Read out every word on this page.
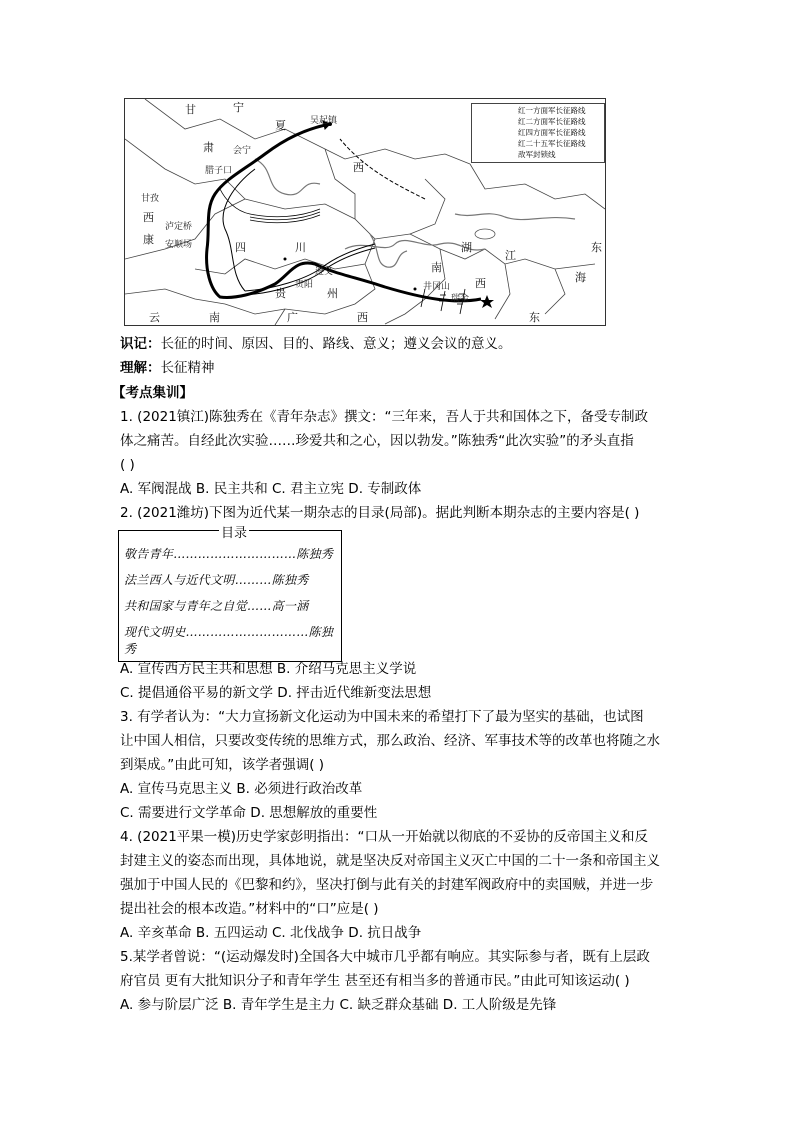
红一方面军长征路线
红二方面军长征路线
红四方面军长征路线
红二十五军长征路线
敌军封锁线
甘	宁
夏
肃 会宁
吴起镇
腊子口
甘孜
西
康
泸定桥
安顺场	四	川
西
湖
江
南
西
东
海
贵	州
遵义
贵阳
广	西
云	南
井冈山
瑞金
东
识记：长征的时间、原因、目的、路线、意义；遵义会议的意义。
理解：长征精神
【考点集训】
1. (2021镇江)陈独秀在《青年杂志》撰文：“三年来，吾人于共和国体之下，备受专制政
体之痛苦。自经此次实验……珍爱共和之心，因以勃发。”陈独秀“此次实验”的矛头直指
( )
A. 军阀混战 B. 民主共和 C. 君主立宪 D. 专制政体
2. (2021潍坊)下图为近代某一期杂志的目录(局部)。据此判断本期杂志的主要内容是( )
目录
敬告青年…………………………陈独秀
法兰西人与近代文明………陈独秀
共和国家与青年之自觉……高一涵
现代文明史…………………………陈独秀
A. 宣传西方民主共和思想 B. 介绍马克思主义学说
C. 提倡通俗平易的新文学 D. 抨击近代维新变法思想
3. 有学者认为：“大力宣扬新文化运动为中国未来的希望打下了最为坚实的基础，也试图
让中国人相信，只要改变传统的思维方式，那么政治、经济、军事技术等的改革也将随之水
到渠成。”由此可知，该学者强调( )
A. 宣传马克思主义 B. 必须进行政治改革
C. 需要进行文学革命 D. 思想解放的重要性
4. (2021平果一模)历史学家彭明指出：“口从一开始就以彻底的不妥协的反帝国主义和反
封建主义的姿态而出现，具体地说，就是坚决反对帝国主义灭亡中国的二十一条和帝国主义
强加于中国人民的《巴黎和约》，坚决打倒与此有关的封建军阀政府中的卖国贼，并进一步
提出社会的根本改造。”材料中的“口”应是( )
A. 辛亥革命 B. 五四运动 C. 北伐战争 D. 抗日战争
5.某学者曾说：“(运动爆发时)全国各大中城市几乎都有响应。其实际参与者，既有上层政
府官员 更有大批知识分子和青年学生 甚至还有相当多的普通市民。”由此可知该运动( )
A. 参与阶层广泛 B. 青年学生是主力 C. 缺乏群众基础 D. 工人阶级是先锋
